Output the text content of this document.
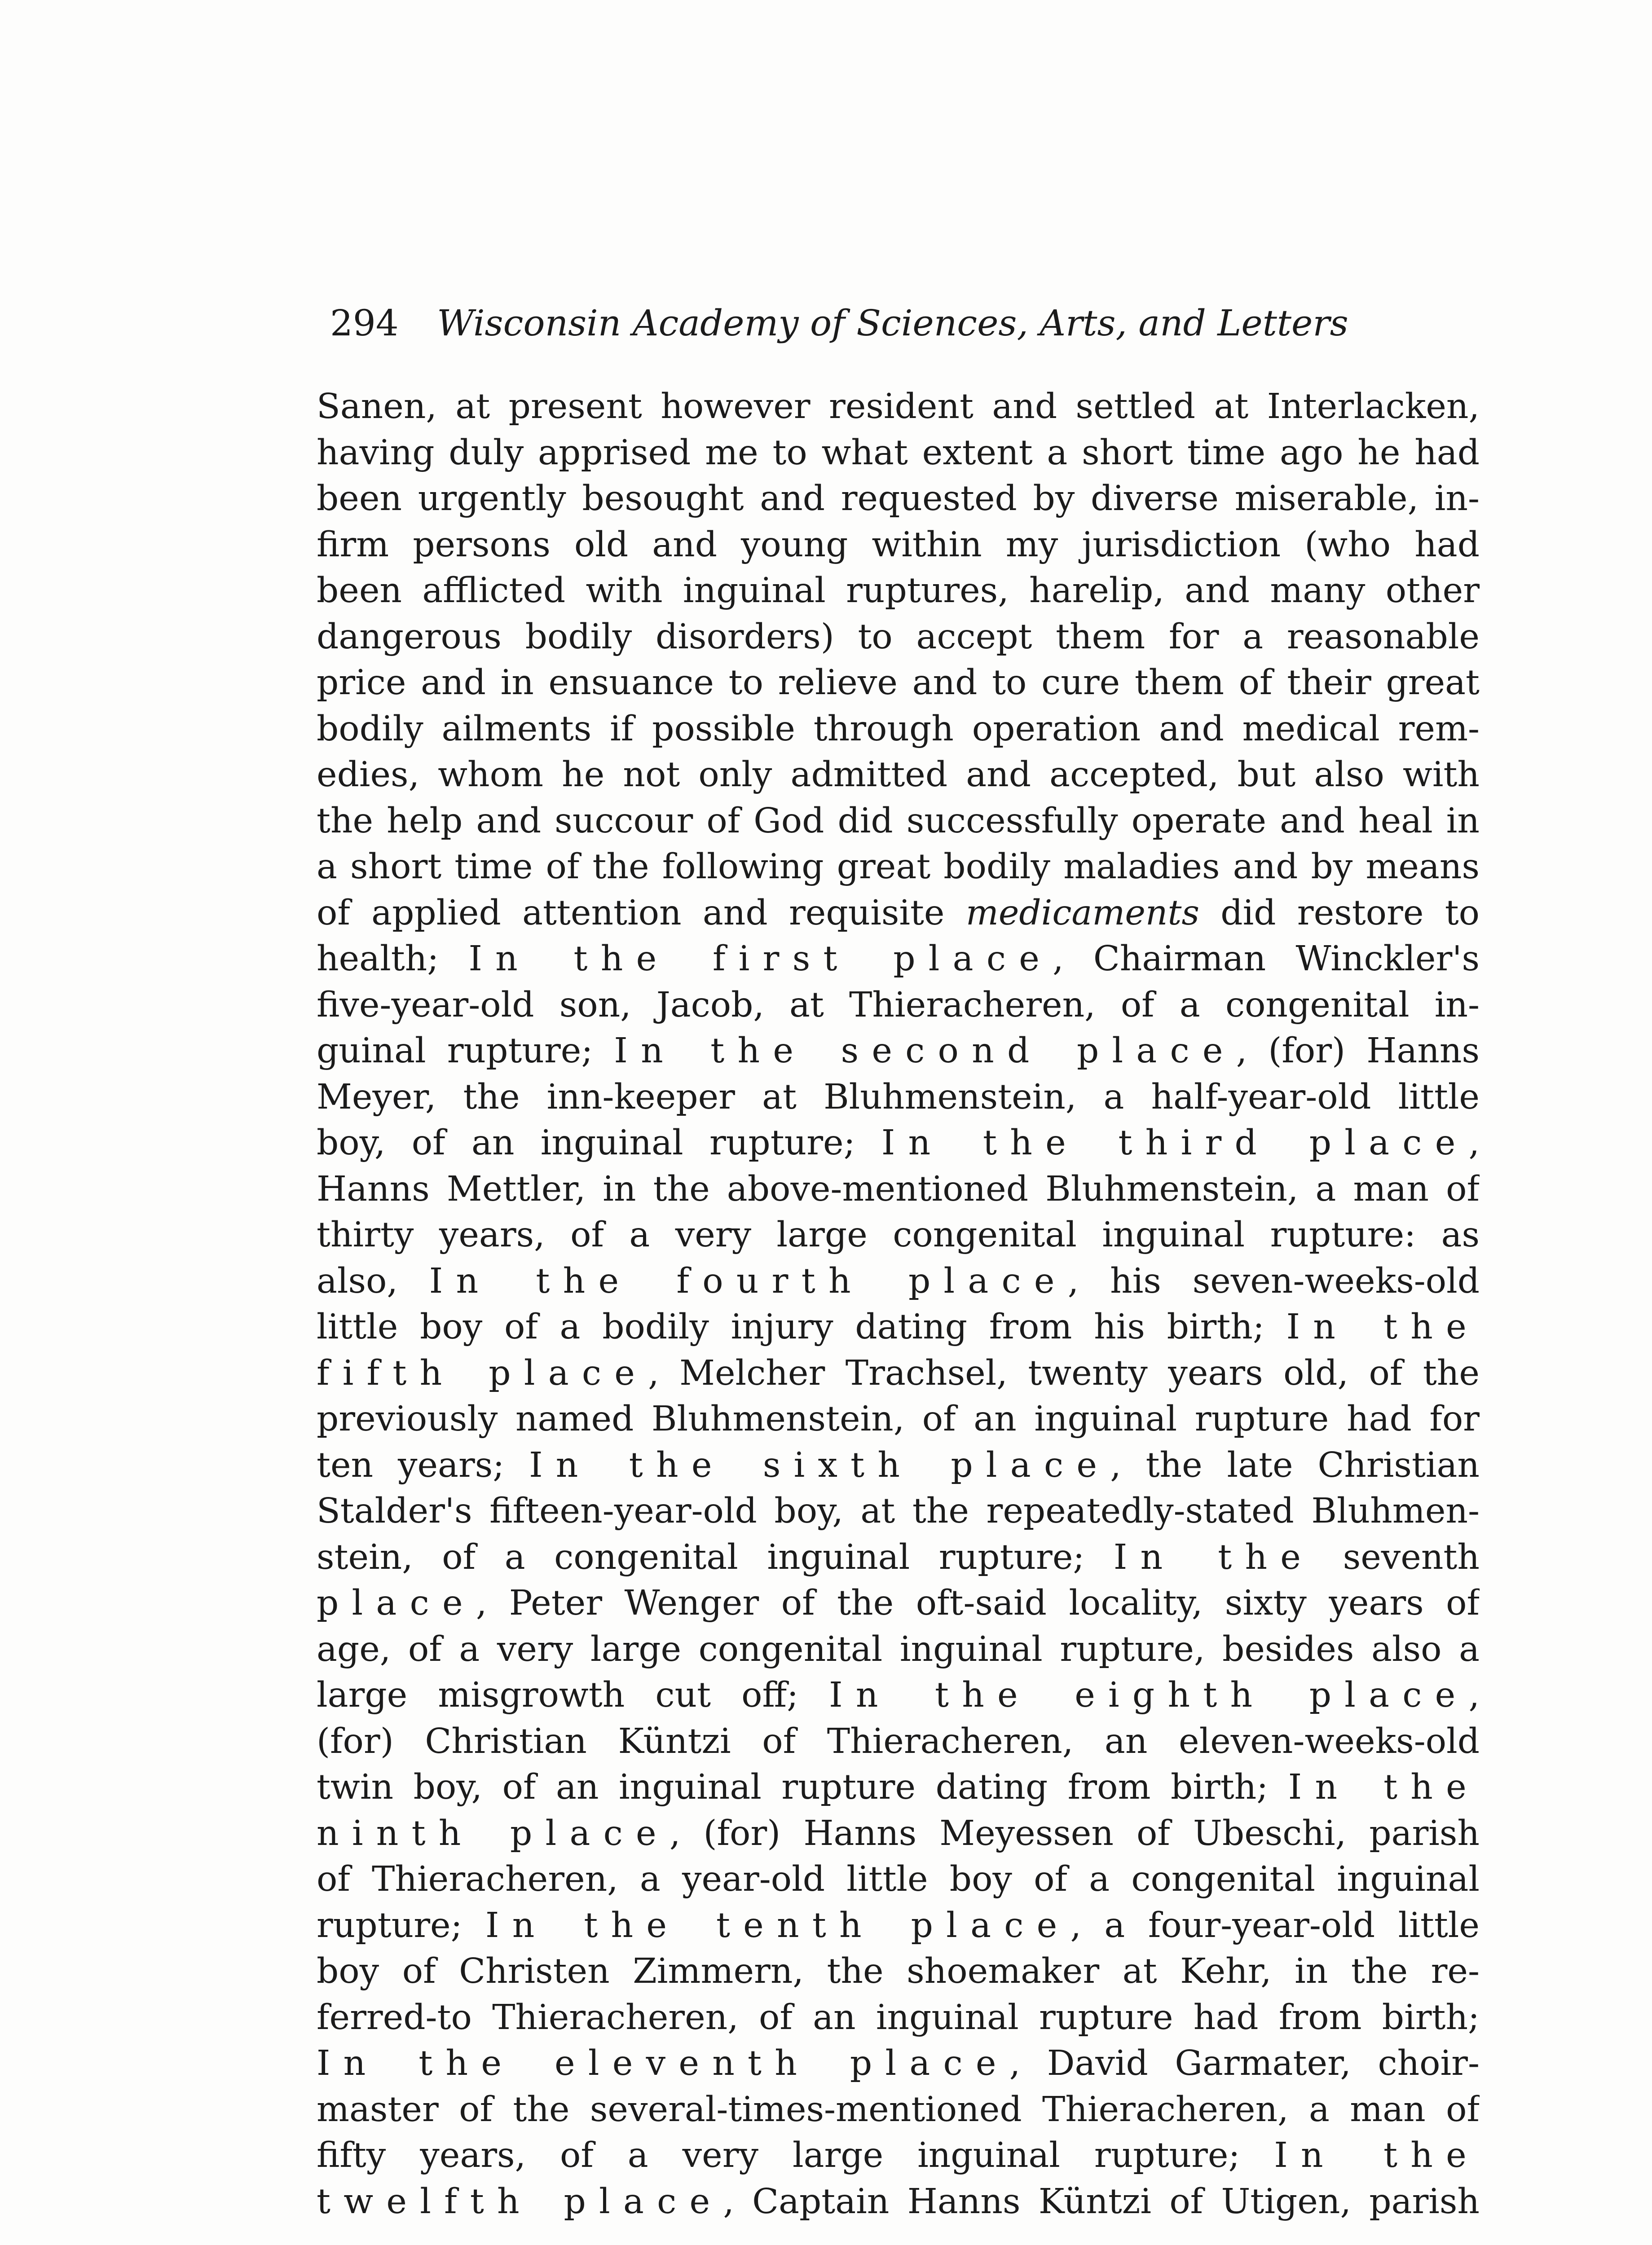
294 Wisconsin Academy of Sciences, Arts, and Letters
Sanen, at present however resident and settled at Interlacken,
having duly apprised me to what extent a short time ago he had
been urgently besought and requested by diverse miserable, in-
firm persons old and young within my jurisdiction (who had
been afflicted with inguinal ruptures, harelip, and many other
dangerous bodily disorders) to accept them for a reasonable
price and in ensuance to relieve and to cure them of their great
bodily ailments if possible through operation and medical rem-
edies, whom he not only admitted and accepted, but also with
the help and succour of God did successfully operate and heal in
a short time of the following great bodily maladies and by means
of applied attention and requisite medicaments did restore to
health; In the first place, Chairman Winckler's
five-year-old son, Jacob, at Thieracheren, of a congenital in-
guinal rupture; In the second place, (for) Hanns
Meyer, the inn-keeper at Bluhmenstein, a half-year-old little
boy, of an inguinal rupture; In the third place,
Hanns Mettler, in the above-mentioned Bluhmenstein, a man of
thirty years, of a very large congenital inguinal rupture: as
also, In the fourth place, his seven-weeks-old
little boy of a bodily injury dating from his birth; In the
fifth place, Melcher Trachsel, twenty years old, of the
previously named Bluhmenstein, of an inguinal rupture had for
ten years; In the sixth place, the late Christian
Stalder's fifteen-year-old boy, at the repeatedly-stated Bluhmen-
stein, of a congenital inguinal rupture; In the seventh
place, Peter Wenger of the oft-said locality, sixty years of
age, of a very large congenital inguinal rupture, besides also a
large misgrowth cut off; In the eighth place,
(for) Christian Küntzi of Thieracheren, an eleven-weeks-old
twin boy, of an inguinal rupture dating from birth; In the
ninth place, (for) Hanns Meyessen of Ubeschi, parish
of Thieracheren, a year-old little boy of a congenital inguinal
rupture; In the tenth place, a four-year-old little
boy of Christen Zimmern, the shoemaker at Kehr, in the re-
ferred-to Thieracheren, of an inguinal rupture had from birth;
In the eleventh place, David Garmater, choir-
master of the several-times-mentioned Thieracheren, a man of
fifty years, of a very large inguinal rupture; In the
twelfth place, Captain Hanns Küntzi of Utigen, parish
